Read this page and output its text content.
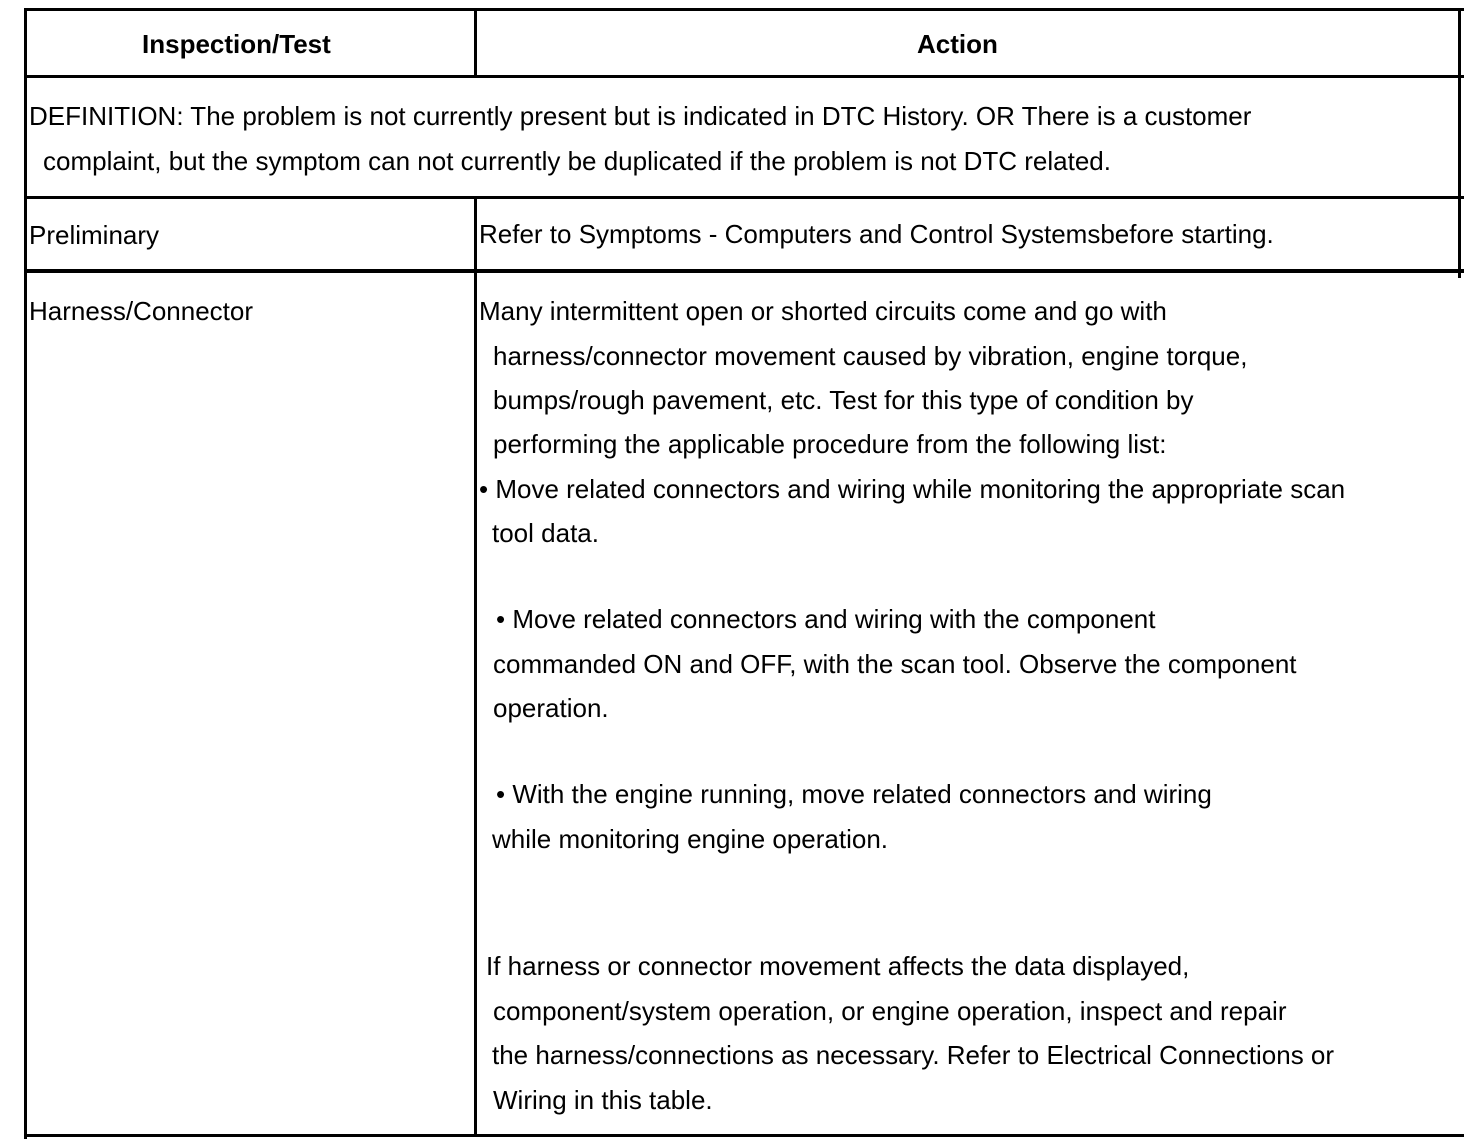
Inspection/Test	Action
DEFINITION: The problem is not currently present but is indicated in DTC History. OR There is a customer
complaint, but the symptom can not currently be duplicated if the problem is not DTC related.
Preliminary	Refer to Symptoms - Computers and Control Systemsbefore starting.
Harness/Connector	Many intermittent open or shorted circuits come and go with
harness/connector movement caused by vibration, engine torque,
bumps/rough pavement, etc. Test for this type of condition by
performing the applicable procedure from the following list:
• Move related connectors and wiring while monitoring the appropriate scan
tool data.
• Move related connectors and wiring with the component
commanded ON and OFF, with the scan tool. Observe the component
operation.
• With the engine running, move related connectors and wiring
while monitoring engine operation.
If harness or connector movement affects the data displayed,
component/system operation, or engine operation, inspect and repair
the harness/connections as necessary. Refer to Electrical Connections or
Wiring in this table.
